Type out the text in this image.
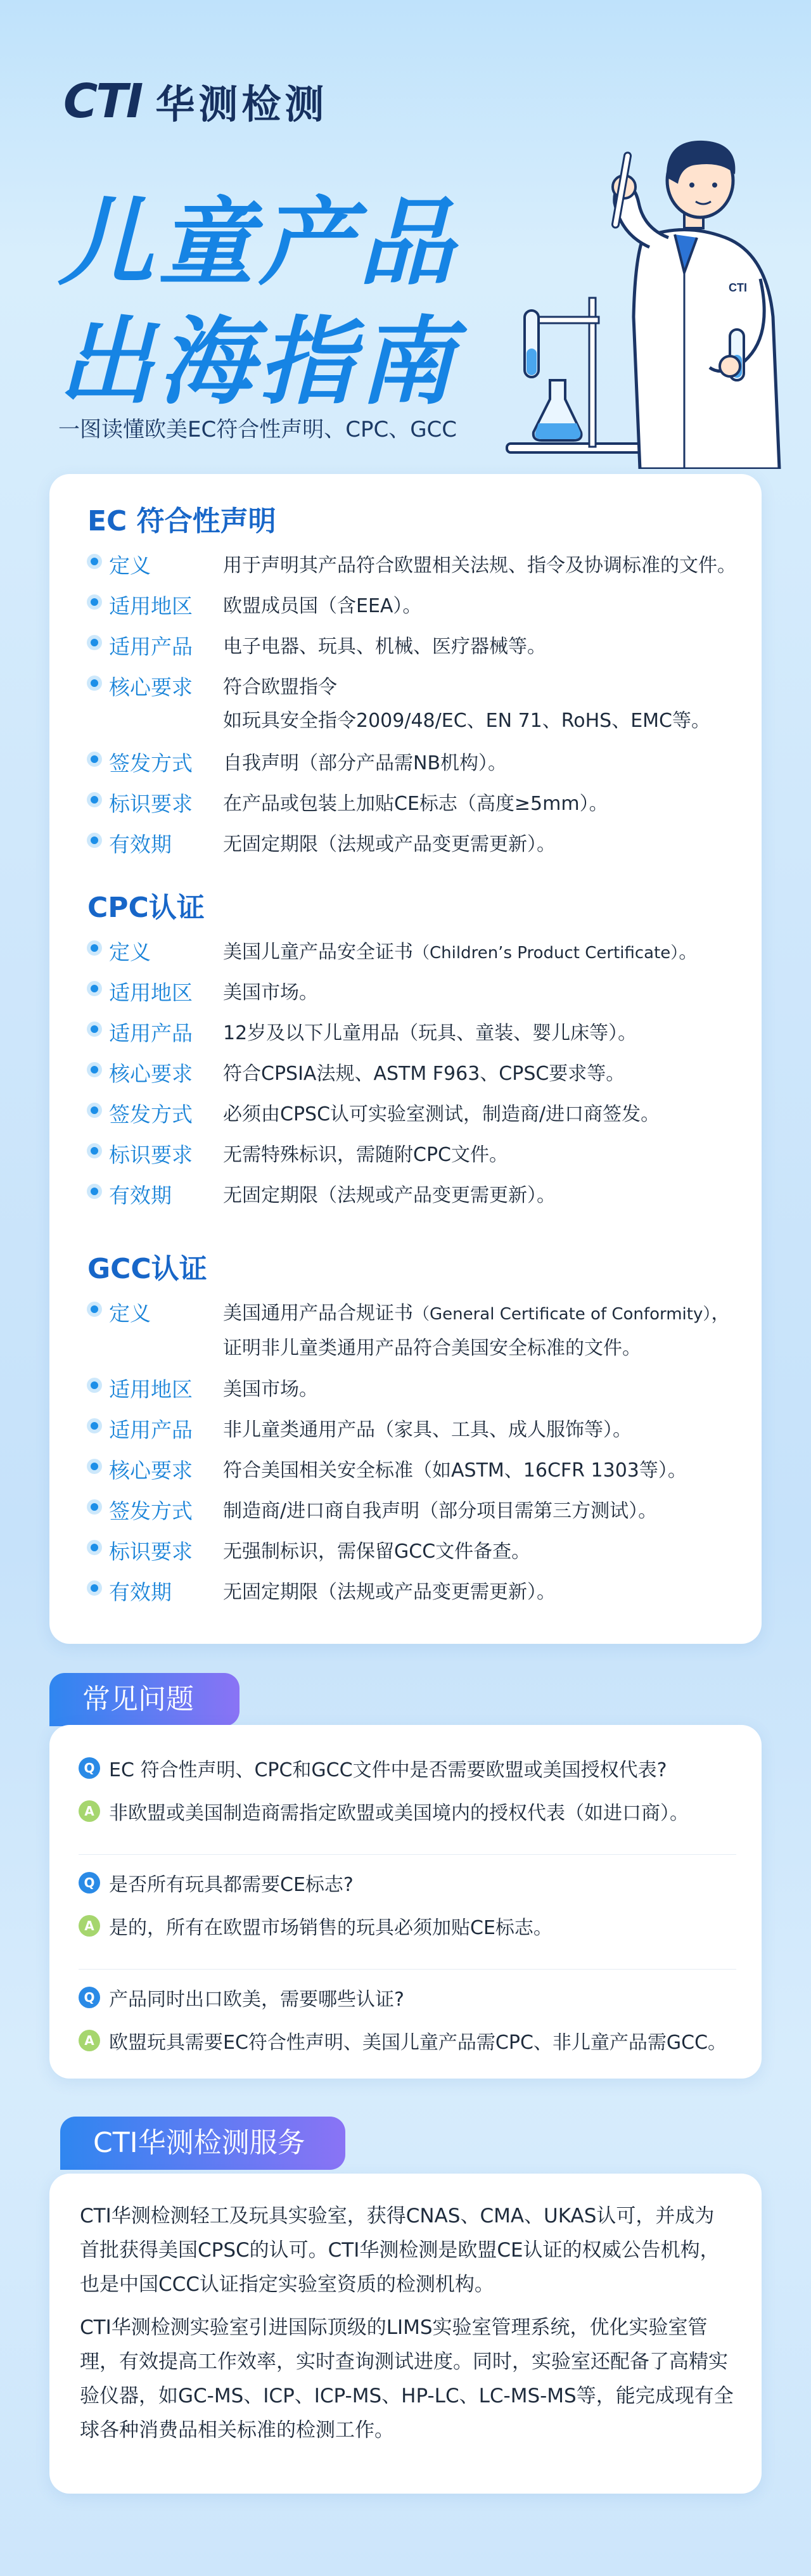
CTI 华测检测
儿童产品
出海指南
一图读懂欧美EC符合性声明、CPC、GCC
CTI
EC 符合性声明
定义	用于声明其产品符合欧盟相关法规、指令及协调标准的文件。
适用地区	欧盟成员国（含EEA）。
适用产品	电子电器、玩具、机械、医疗器械等。
核心要求	符合欧盟指令
如玩具安全指令2009/48/EC、EN 71、RoHS、EMC等。
签发方式	自我声明（部分产品需NB机构）。
标识要求	在产品或包装上加贴CE标志（高度≥5mm）。
有效期	无固定期限（法规或产品变更需更新）。
CPC认证
定义	美国儿童产品安全证书（Children’s Product Certificate）。
适用地区	美国市场。
适用产品	12岁及以下儿童用品（玩具、童装、婴儿床等）。
核心要求	符合CPSIA法规、ASTM F963、CPSC要求等。
签发方式	必须由CPSC认可实验室测试，制造商/进口商签发。
标识要求	无需特殊标识，需随附CPC文件。
有效期	无固定期限（法规或产品变更需更新）。
GCC认证
定义	美国通用产品合规证书（General Certificate of Conformity），
证明非儿童类通用产品符合美国安全标准的文件。
适用地区	美国市场。
适用产品	非儿童类通用产品（家具、工具、成人服饰等）。
核心要求	符合美国相关安全标准（如ASTM、16CFR 1303等）。
签发方式	制造商/进口商自我声明（部分项目需第三方测试）。
标识要求	无强制标识，需保留GCC文件备查。
有效期	无固定期限（法规或产品变更需更新）。
常见问题
Q EC 符合性声明、CPC和GCC文件中是否需要欧盟或美国授权代表?
A 非欧盟或美国制造商需指定欧盟或美国境内的授权代表（如进口商）。
Q 是否所有玩具都需要CE标志?
A 是的，所有在欧盟市场销售的玩具必须加贴CE标志。
Q 产品同时出口欧美，需要哪些认证?
A 欧盟玩具需要EC符合性声明、美国儿童产品需CPC、非儿童产品需GCC。
CTI华测检测服务

CTI华测检测轻工及玩具实验室，获得CNAS、CMA、UKAS认可，并成为首批获得美国CPSC的认可。CTI华测检测是欧盟CE认证的权威公告机构，也是中国CCC认证指定实验室资质的检测机构。

CTI华测检测实验室引进国际顶级的LIMS实验室管理系统，优化实验室管理，有效提高工作效率，实时查询测试进度。同时，实验室还配备了高精实验仪器，如GC-MS、ICP、ICP-MS、HP-LC、LC-MS-MS等，能完成现有全球各种消费品相关标准的检测工作。
